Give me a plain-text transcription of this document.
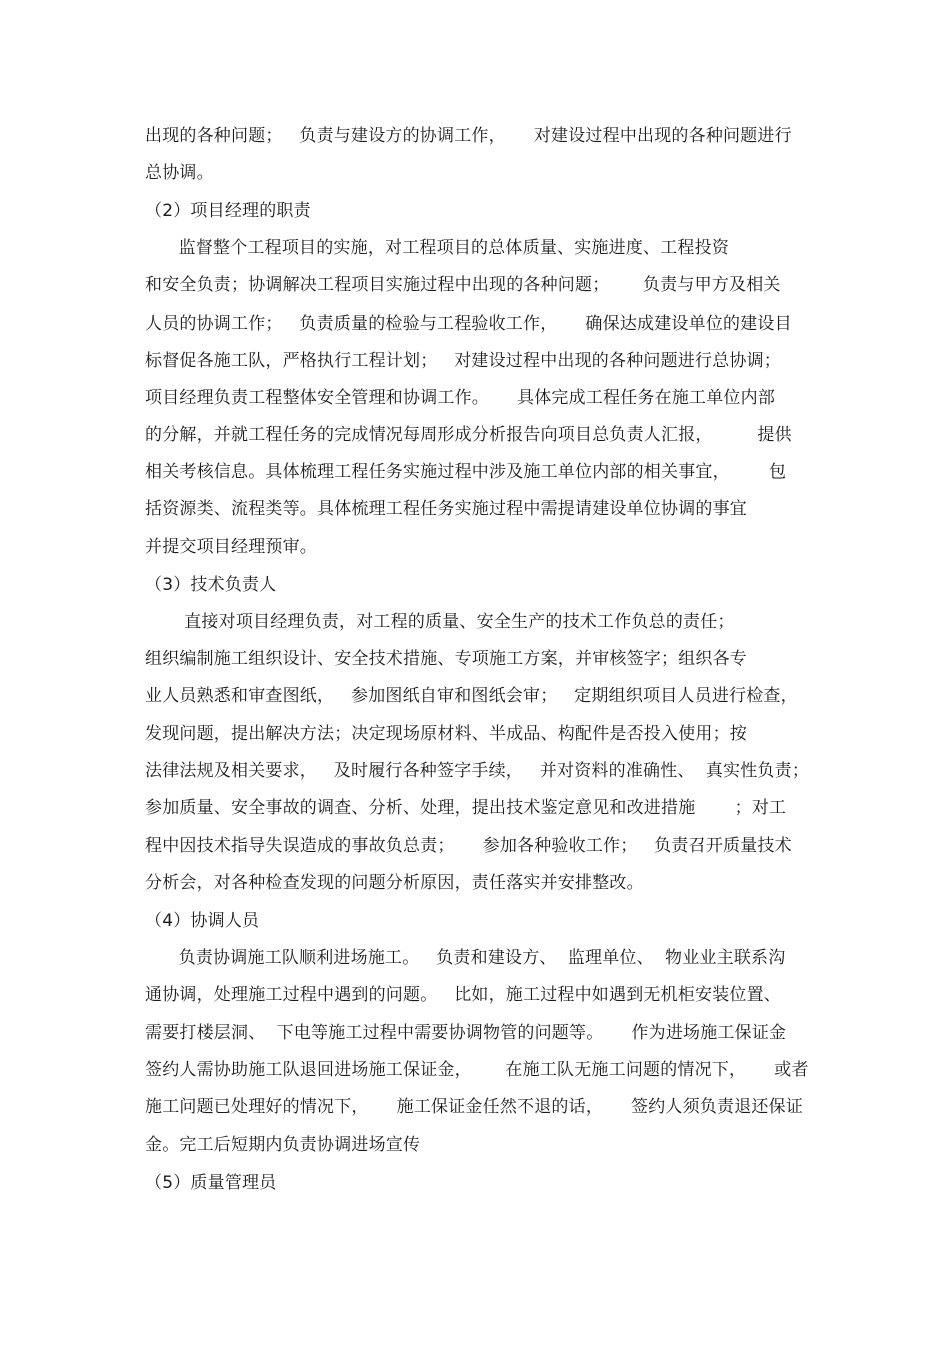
出现的各种问题；   负责与建设方的协调工作，     对建设过程中出现的各种问题进行
总协调。
（2）项目经理的职责
监督整个工程项目的实施，对工程项目的总体质量、实施进度、工程投资
和安全负责；协调解决工程项目实施过程中出现的各种问题；      负责与甲方及相关
人员的协调工作；   负责质量的检验与工程验收工作，     确保达成建设单位的建设目
标督促各施工队，严格执行工程计划；   对建设过程中出现的各种问题进行总协调；
项目经理负责工程整体安全管理和协调工作。     具体完成工程任务在施工单位内部
的分解，并就工程任务的完成情况每周形成分析报告向项目总负责人汇报，        提供
相关考核信息。具体梳理工程任务实施过程中涉及施工单位内部的相关事宜，       包
括资源类、流程类等。具体梳理工程任务实施过程中需提请建设单位协调的事宜
并提交项目经理预审。
（3）技术负责人
直接对项目经理负责，对工程的质量、安全生产的技术工作负总的责任；
组织编制施工组织设计、安全技术措施、专项施工方案，并审核签字；组织各专
业人员熟悉和审查图纸，   参加图纸自审和图纸会审；   定期组织项目人员进行检查，
发现问题，提出解决方法；决定现场原材料、半成品、构配件是否投入使用；按
法律法规及相关要求，   及时履行各种签字手续，   并对资料的准确性、  真实性负责；
参加质量、安全事故的调查、分析、处理，提出技术鉴定意见和改进措施       ；对工
程中因技术指导失误造成的事故负总责；     参加各种验收工作；   负责召开质量技术
分析会，对各种检查发现的问题分析原因，责任落实并安排整改。
（4）协调人员
负责协调施工队顺利进场施工。   负责和建设方、  监理单位、  物业业主联系沟
通协调，处理施工过程中遇到的问题。   比如，施工过程中如遇到无机柜安装位置、
需要打楼层洞、  下电等施工过程中需要协调物管的问题等。     作为进场施工保证金
签约人需协助施工队退回进场施工保证金，      在施工队无施工问题的情况下，     或者
施工问题已处理好的情况下，     施工保证金任然不退的话，     签约人须负责退还保证
金。完工后短期内负责协调进场宣传
（5）质量管理员
